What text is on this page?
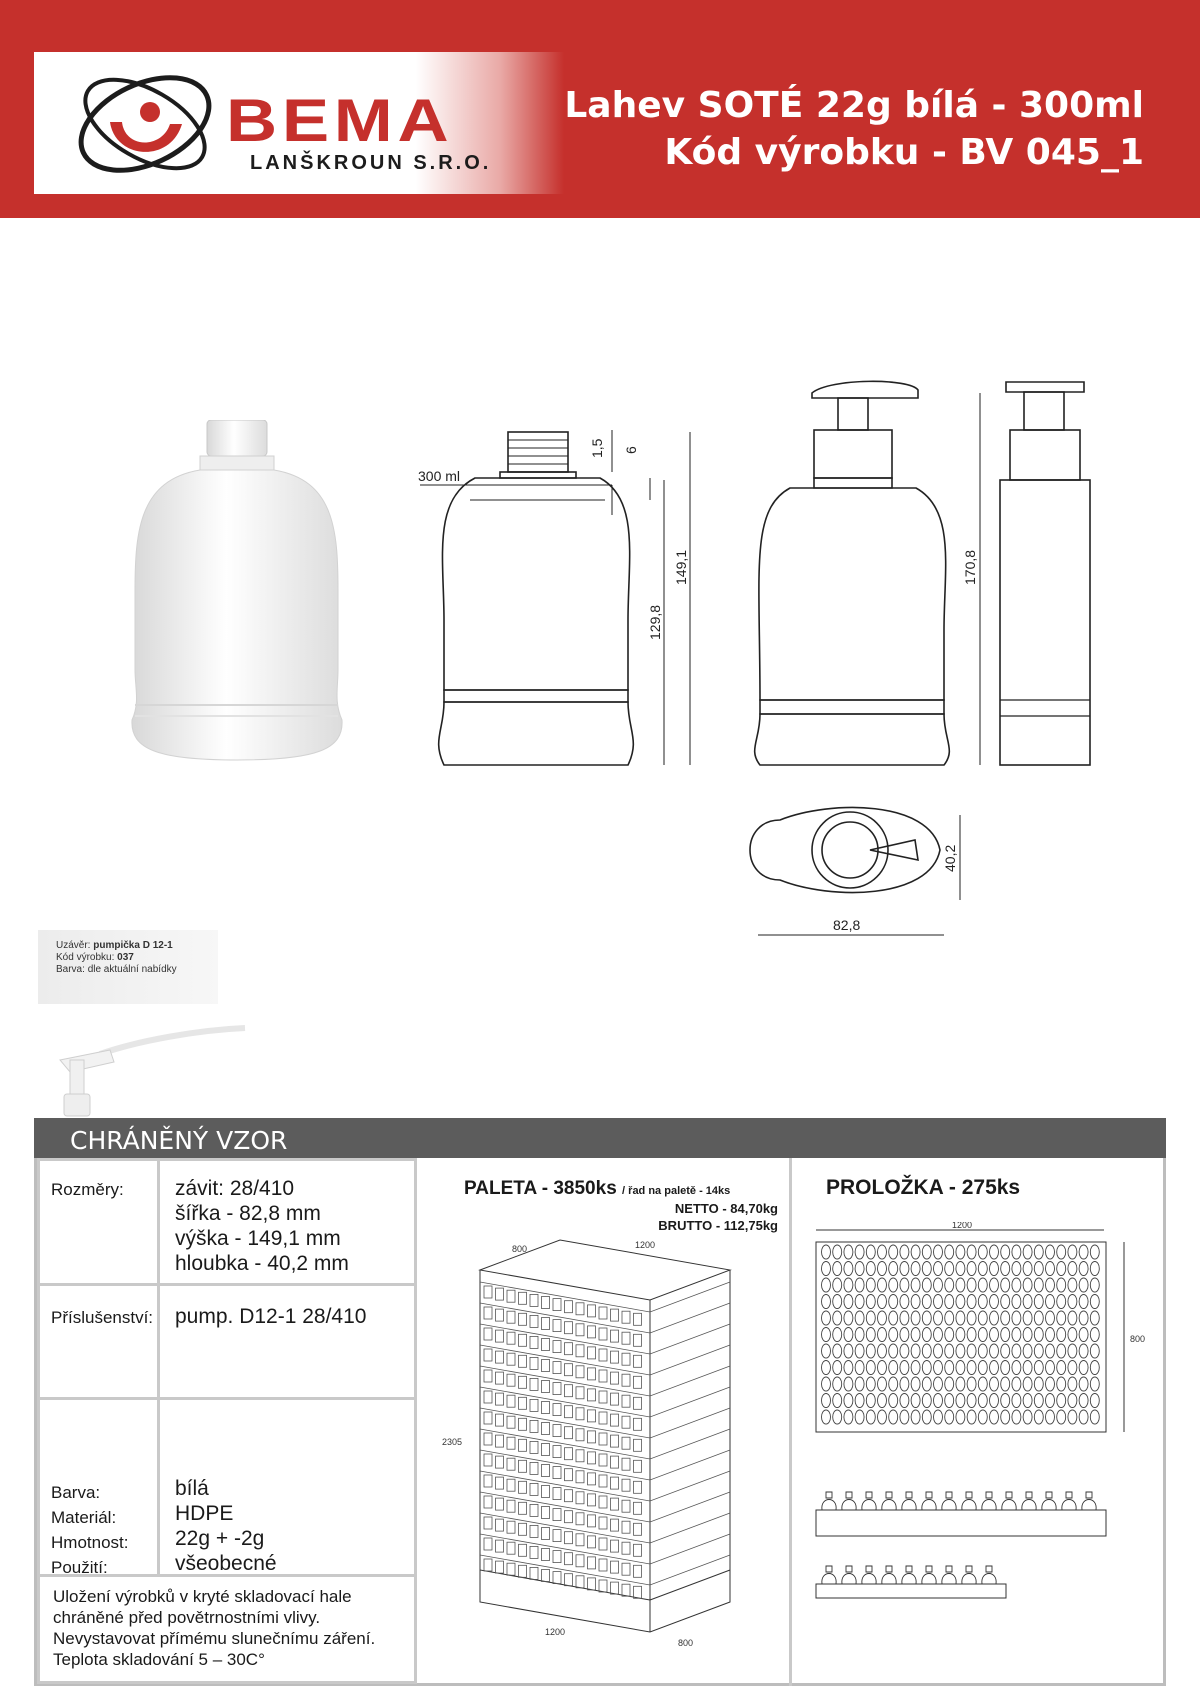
BEMA
LANŠKROUN S.R.O.
Lahev SOTÉ 22g bílá - 300ml
Kód výrobku - BV 045_1
300 ml
1,5 6
129,8
149,1	170,8
40,2
82,8
Uzávěr: pumpička D 12-1
Kód výrobku: 037
Barva: dle aktuální nabídky
CHRÁNĚNÝ VZOR
Rozměry: závit: 28/410
šířka - 82,8 mm
výška - 149,1 mm
hloubka - 40,2 mm
Příslušenství: pump. D12-1 28/410
Barva:
Materiál:
Hmotnost:
Použití:
bílá
HDPE
22g + -2g
všeobecné
Uložení výrobků v kryté skladovací hale
chráněné před povětrnostními vlivy.
Nevystavovat přímému slunečnímu záření.
Teplota skladování 5 – 30C°
PALETA - 3850ks / řad na paletě - 14ks
NETTO - 84,70kg
BRUTTO - 112,75kg
800	1200
2305
1200
800
PROLOŽKA - 275ks
1200
800
